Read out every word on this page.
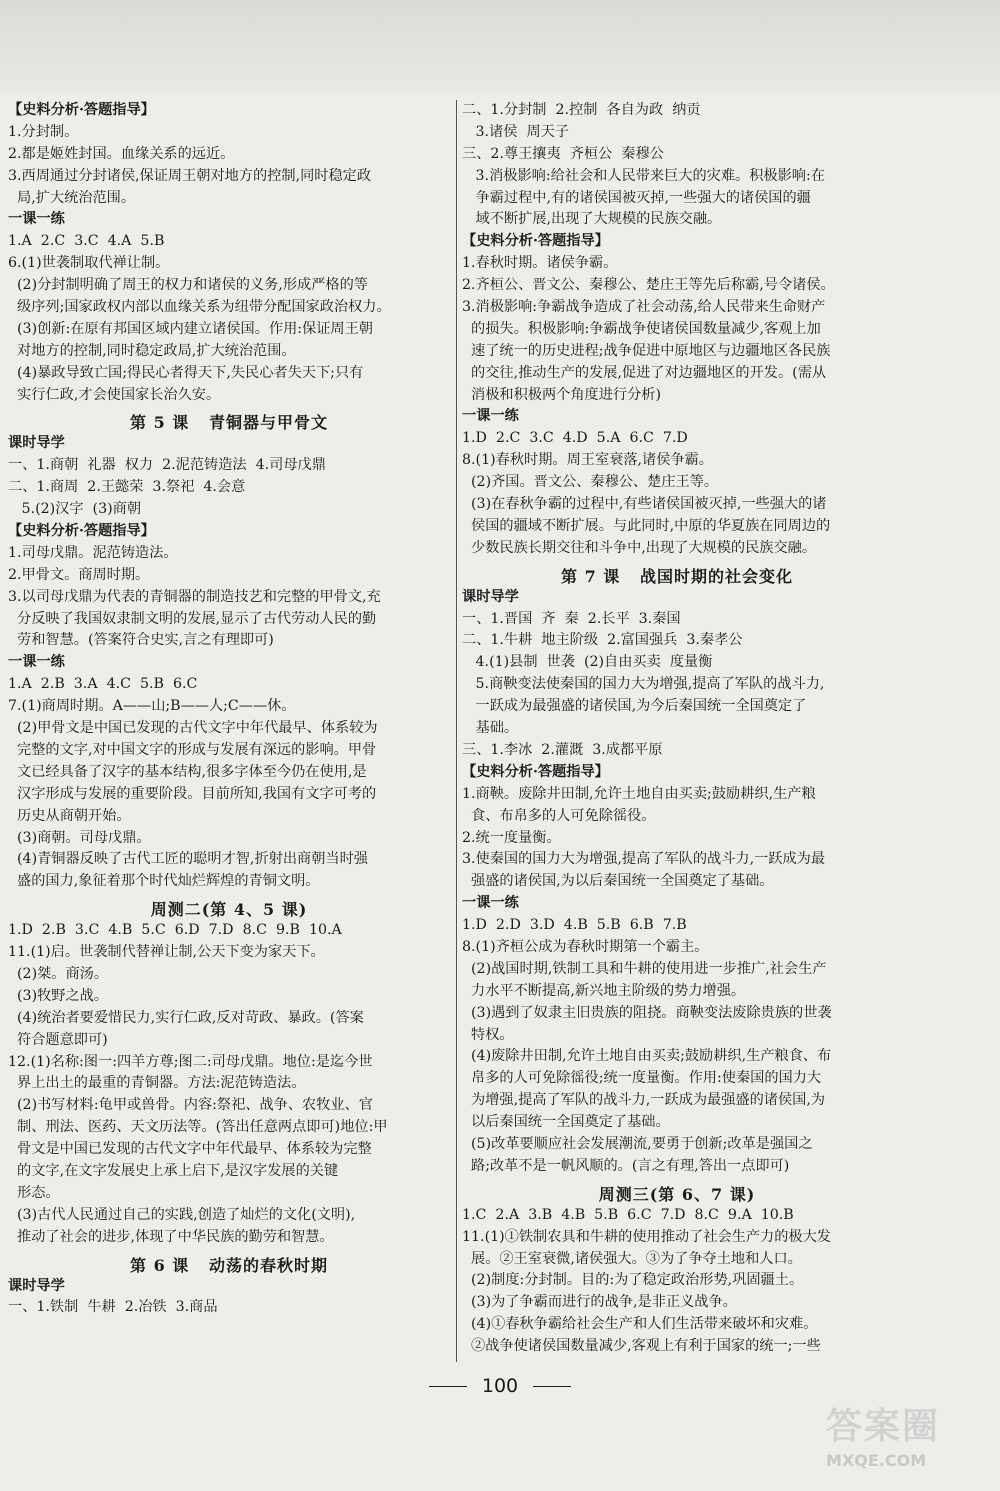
【史料分析·答题指导】
1.分封制。
2.都是姬姓封国。血缘关系的远近。
3.西周通过分封诸侯,保证周王朝对地方的控制,同时稳定政
局,扩大统治范围。
一课一练
1.A  2.C  3.C  4.A  5.B
6.(1)世袭制取代禅让制。
(2)分封制明确了周王的权力和诸侯的义务,形成严格的等
级序列;国家政权内部以血缘关系为纽带分配国家政治权力。
(3)创新:在原有邦国区域内建立诸侯国。作用:保证周王朝
对地方的控制,同时稳定政局,扩大统治范围。
(4)暴政导致亡国;得民心者得天下,失民心者失天下;只有
实行仁政,才会使国家长治久安。
第 5 课   青铜器与甲骨文
课时导学
一、1.商朝  礼器  权力  2.泥范铸造法  4.司母戊鼎
二、1.商周  2.王懿荣  3.祭祀  4.会意
5.(2)汉字  (3)商朝
【史料分析·答题指导】
1.司母戊鼎。泥范铸造法。
2.甲骨文。商周时期。
3.以司母戊鼎为代表的青铜器的制造技艺和完整的甲骨文,充
分反映了我国奴隶制文明的发展,显示了古代劳动人民的勤
劳和智慧。(答案符合史实,言之有理即可)
一课一练
1.A  2.B  3.A  4.C  5.B  6.C
7.(1)商周时期。A——山;B——人;C——休。
(2)甲骨文是中国已发现的古代文字中年代最早、体系较为
完整的文字,对中国文字的形成与发展有深远的影响。甲骨
文已经具备了汉字的基本结构,很多字体至今仍在使用,是
汉字形成与发展的重要阶段。目前所知,我国有文字可考的
历史从商朝开始。
(3)商朝。司母戊鼎。
(4)青铜器反映了古代工匠的聪明才智,折射出商朝当时强
盛的国力,象征着那个时代灿烂辉煌的青铜文明。
周测二(第 4、5 课)
1.D  2.B  3.C  4.B  5.C  6.D  7.D  8.C  9.B  10.A
11.(1)启。世袭制代替禅让制,公天下变为家天下。
(2)桀。商汤。
(3)牧野之战。
(4)统治者要爱惜民力,实行仁政,反对苛政、暴政。(答案
符合题意即可)
12.(1)名称:图一:四羊方尊;图二:司母戊鼎。地位:是迄今世
界上出土的最重的青铜器。方法:泥范铸造法。
(2)书写材料:龟甲或兽骨。内容:祭祀、战争、农牧业、官
制、刑法、医药、天文历法等。(答出任意两点即可)地位:甲
骨文是中国已发现的古代文字中年代最早、体系较为完整
的文字,在文字发展史上承上启下,是汉字发展的关键
形态。
(3)古代人民通过自己的实践,创造了灿烂的文化(文明),
推动了社会的进步,体现了中华民族的勤劳和智慧。
第 6 课   动荡的春秋时期
课时导学
一、1.铁制  牛耕  2.冶铁  3.商品
二、1.分封制  2.控制  各自为政  纳贡
3.诸侯  周天子
三、2.尊王攘夷  齐桓公  秦穆公
3.消极影响:给社会和人民带来巨大的灾难。积极影响:在
争霸过程中,有的诸侯国被灭掉,一些强大的诸侯国的疆
域不断扩展,出现了大规模的民族交融。
【史料分析·答题指导】
1.春秋时期。诸侯争霸。
2.齐桓公、晋文公、秦穆公、楚庄王等先后称霸,号令诸侯。
3.消极影响:争霸战争造成了社会动荡,给人民带来生命财产
的损失。积极影响:争霸战争使诸侯国数量减少,客观上加
速了统一的历史进程;战争促进中原地区与边疆地区各民族
的交往,推动生产的发展,促进了对边疆地区的开发。(需从
消极和积极两个角度进行分析)
一课一练
1.D  2.C  3.C  4.D  5.A  6.C  7.D
8.(1)春秋时期。周王室衰落,诸侯争霸。
(2)齐国。晋文公、秦穆公、楚庄王等。
(3)在春秋争霸的过程中,有些诸侯国被灭掉,一些强大的诸
侯国的疆域不断扩展。与此同时,中原的华夏族在同周边的
少数民族长期交往和斗争中,出现了大规模的民族交融。
第 7 课   战国时期的社会变化
课时导学
一、1.晋国  齐  秦  2.长平  3.秦国
二、1.牛耕  地主阶级  2.富国强兵  3.秦孝公
4.(1)县制  世袭  (2)自由买卖  度量衡
5.商鞅变法使秦国的国力大为增强,提高了军队的战斗力,
一跃成为最强盛的诸侯国,为今后秦国统一全国奠定了
基础。
三、1.李冰  2.灌溉  3.成都平原
【史料分析·答题指导】
1.商鞅。废除井田制,允许土地自由买卖;鼓励耕织,生产粮
食、布帛多的人可免除徭役。
2.统一度量衡。
3.使秦国的国力大为增强,提高了军队的战斗力,一跃成为最
强盛的诸侯国,为以后秦国统一全国奠定了基础。
一课一练
1.D  2.D  3.D  4.B  5.B  6.B  7.B
8.(1)齐桓公成为春秋时期第一个霸主。
(2)战国时期,铁制工具和牛耕的使用进一步推广,社会生产
力水平不断提高,新兴地主阶级的势力增强。
(3)遇到了奴隶主旧贵族的阻挠。商鞅变法废除贵族的世袭
特权。
(4)废除井田制,允许土地自由买卖;鼓励耕织,生产粮食、布
帛多的人可免除徭役;统一度量衡。作用:使秦国的国力大
为增强,提高了军队的战斗力,一跃成为最强盛的诸侯国,为
以后秦国统一全国奠定了基础。
(5)改革要顺应社会发展潮流,要勇于创新;改革是强国之
路;改革不是一帆风顺的。(言之有理,答出一点即可)
周测三(第 6、7 课)
1.C  2.A  3.B  4.B  5.B  6.C  7.D  8.C  9.A  10.B
11.(1)①铁制农具和牛耕的使用推动了社会生产力的极大发
展。②王室衰微,诸侯强大。③为了争夺土地和人口。
(2)制度:分封制。目的:为了稳定政治形势,巩固疆土。
(3)为了争霸而进行的战争,是非正义战争。
(4)①春秋争霸给社会生产和人们生活带来破坏和灾难。
②战争使诸侯国数量减少,客观上有利于国家的统一;一些
100
答案圈
MXQE.COM
